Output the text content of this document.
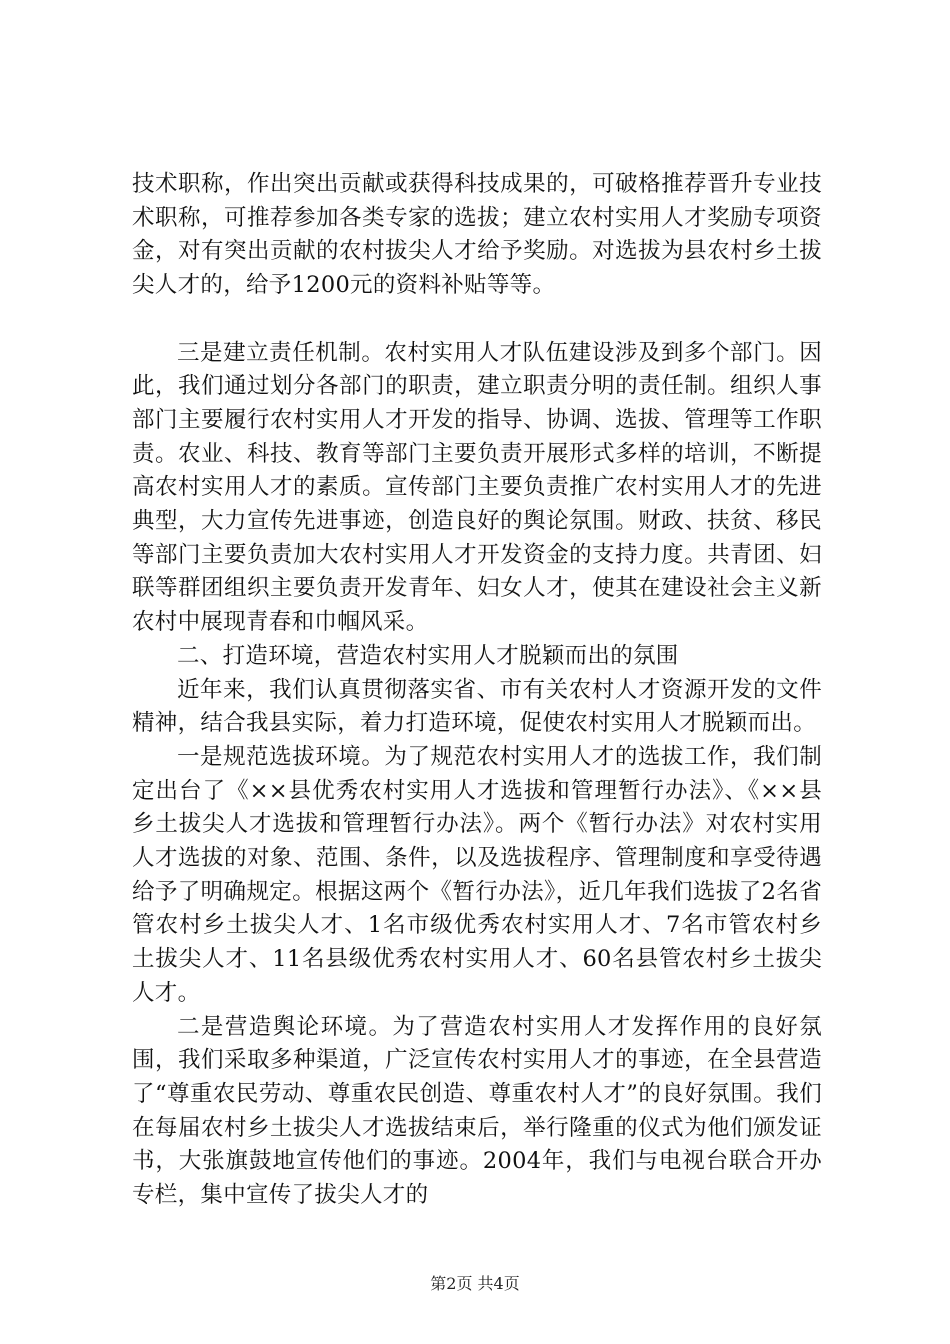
技术职称，作出突出贡献或获得科技成果的，可破格推荐晋升专业技术职称，可推荐参加各类专家的选拔；建立农村实用人才奖励专项资金，对有突出贡献的农村拔尖人才给予奖励。对选拔为县农村乡土拔尖人才的，给予1200元的资料补贴等等。

三是建立责任机制。农村实用人才队伍建设涉及到多个部门。因此，我们通过划分各部门的职责，建立职责分明的责任制。组织人事部门主要履行农村实用人才开发的指导、协调、选拔、管理等工作职责。农业、科技、教育等部门主要负责开展形式多样的培训，不断提高农村实用人才的素质。宣传部门主要负责推广农村实用人才的先进典型，大力宣传先进事迹，创造良好的舆论氛围。财政、扶贫、移民等部门主要负责加大农村实用人才开发资金的支持力度。共青团、妇联等群团组织主要负责开发青年、妇女人才，使其在建设社会主义新农村中展现青春和巾帼风采。

二、打造环境，营造农村实用人才脱颖而出的氛围

近年来，我们认真贯彻落实省、市有关农村人才资源开发的文件精神，结合我县实际，着力打造环境，促使农村实用人才脱颖而出。

一是规范选拔环境。为了规范农村实用人才的选拔工作，我们制定出台了《××县优秀农村实用人才选拔和管理暂行办法》、《××县乡土拔尖人才选拔和管理暂行办法》。两个《暂行办法》对农村实用人才选拔的对象、范围、条件，以及选拔程序、管理制度和享受待遇给予了明确规定。根据这两个《暂行办法》，近几年我们选拔了2名省管农村乡土拔尖人才、1名市级优秀农村实用人才、7名市管农村乡土拔尖人才、11名县级优秀农村实用人才、60名县管农村乡土拔尖人才。

二是营造舆论环境。为了营造农村实用人才发挥作用的良好氛围，我们采取多种渠道，广泛宣传农村实用人才的事迹，在全县营造了“尊重农民劳动、尊重农民创造、尊重农村人才”的良好氛围。我们在每届农村乡土拔尖人才选拔结束后，举行隆重的仪式为他们颁发证书，大张旗鼓地宣传他们的事迹。2004年，我们与电视台联合开办专栏，集中宣传了拔尖人才的

第2页 共4页
